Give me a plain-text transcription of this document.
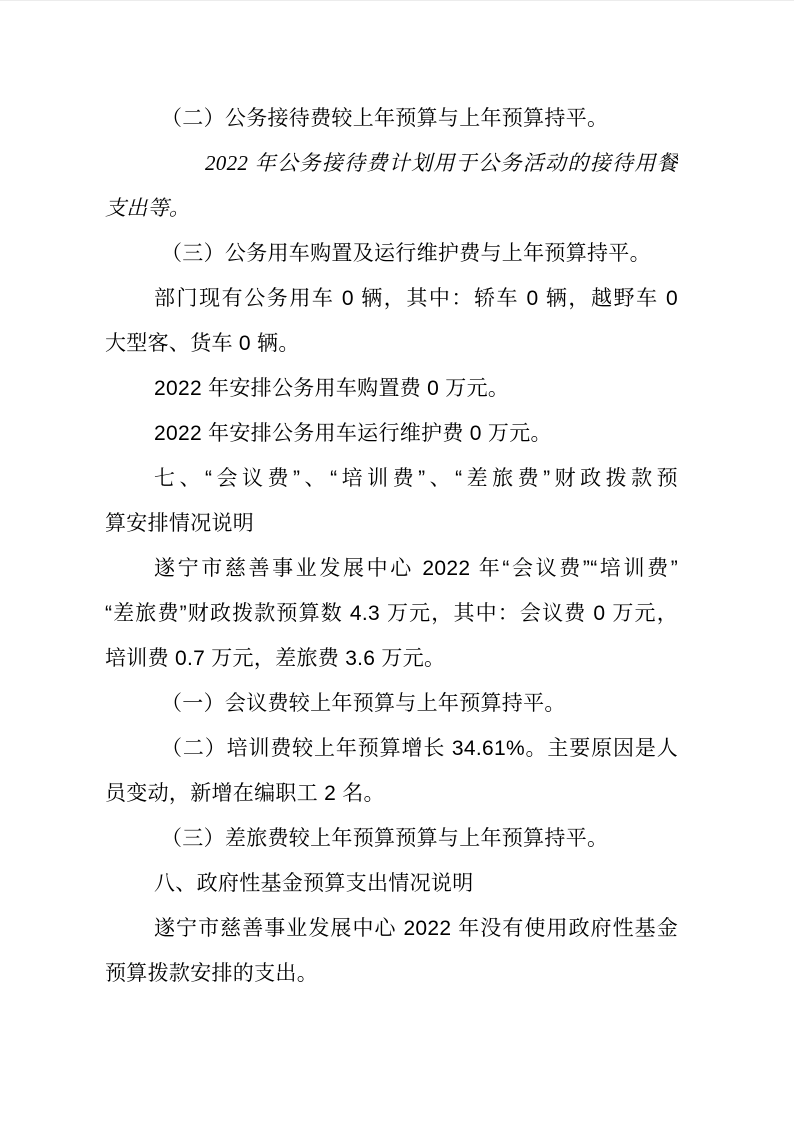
（二）公务接待费较上年预算与上年预算持平。
2022 年公务接待费计划用于公务活动的接待用餐
支出等。
（三）公务用车购置及运行维护费与上年预算持平。
部门现有公务用车 0 辆，其中：轿车 0 辆，越野车 0
大型客、货车 0 辆。
2022 年安排公务用车购置费 0 万元。
2022 年安排公务用车运行维护费 0 万元。
七、“会议费”、“培训费”、“差旅费”财政拨款预
算安排情况说明
遂宁市慈善事业发展中心 2022 年“会议费”“培训费”
“差旅费”财政拨款预算数 4.3 万元，其中：会议费 0 万元，
培训费 0.7 万元，差旅费 3.6 万元。
（一）会议费较上年预算与上年预算持平。
（二）培训费较上年预算增长 34.61%。主要原因是人
员变动，新增在编职工 2 名。
（三）差旅费较上年预算预算与上年预算持平。
八、政府性基金预算支出情况说明
遂宁市慈善事业发展中心 2022 年没有使用政府性基金
预算拨款安排的支出。
